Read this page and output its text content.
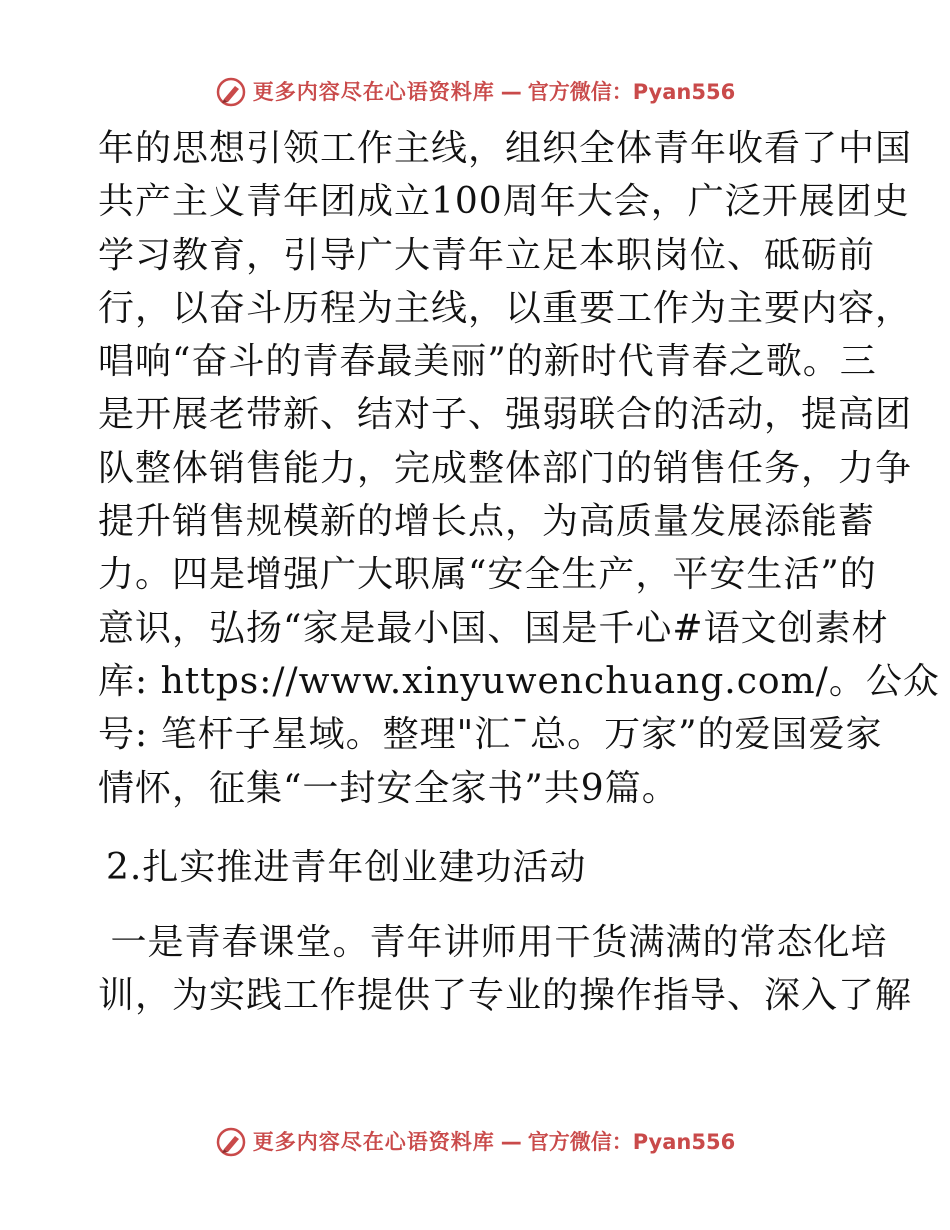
更多内容尽在心语资料库 — 官方微信：Pyan556
年的思想引领工作主线，组织全体青年收看了中国
共产主义青年团成立100周年大会，广泛开展团史
学习教育，引导广大青年立足本职岗位、砥砺前
行，以奋斗历程为主线，以重要工作为主要内容，
唱响“奋斗的青春最美丽”的新时代青春之歌。三
是开展老带新、结对子、强弱联合的活动，提高团
队整体销售能力，完成整体部门的销售任务，力争
提升销售规模新的增长点，为高质量发展添能蓄
力。四是增强广大职属“安全生产，平安生活”的
意识，弘扬“家是最小国、国是千心#语文创素材
库: https://www.xinyuwenchuang.com/。公众
号: 笔杆子星域。整理"汇¯总。万家”的爱国爱家
情怀，征集“一封安全家书”共9篇。
2.扎实推进青年创业建功活动
一是青春课堂。青年讲师用干货满满的常态化培
训，为实践工作提供了专业的操作指导、深入了解
更多内容尽在心语资料库 — 官方微信：Pyan556
